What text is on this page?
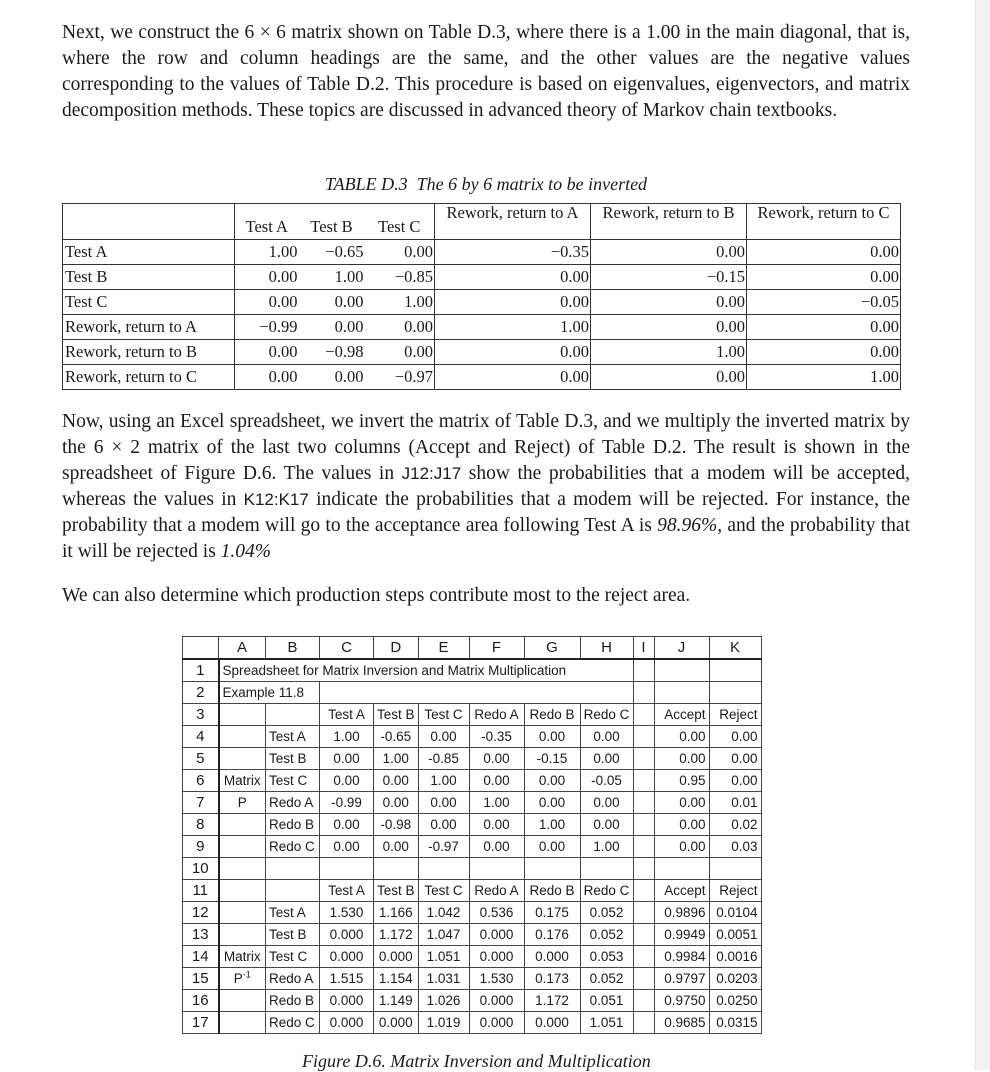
Next, we construct the 6 × 6 matrix shown on Table D.3, where there is a 1.00 in the main diagonal, that is, where the row and column headings are the same, and the other values are the negative values corresponding to the values of Table D.2. This procedure is based on eigenvalues, eigenvectors, and matrix decomposition methods. These topics are discussed in advanced theory of Markov chain textbooks.

TABLE D.3 The 6 by 6 matrix to be inverted
	Test A	Test B	Test C	Rework, return to A	Rework, return to B	Rework, return to C
Test A	1.00	−0.65	0.00	−0.35	0.00	0.00
Test B	0.00	1.00	−0.85	0.00	−0.15	0.00
Test C	0.00	0.00	1.00	0.00	0.00	−0.05
Rework, return to A	−0.99	0.00	0.00	1.00	0.00	0.00
Rework, return to B	0.00	−0.98	0.00	0.00	1.00	0.00
Rework, return to C	0.00	0.00	−0.97	0.00	0.00	1.00

Now, using an Excel spreadsheet, we invert the matrix of Table D.3, and we multiply the inverted matrix by the 6 × 2 matrix of the last two columns (Accept and Reject) of Table D.2. The result is shown in the spreadsheet of Figure D.6. The values in J12:J17 show the probabilities that a modem will be accepted, whereas the values in K12:K17 indicate the probabilities that a modem will be rejected. For instance, the probability that a modem will go to the acceptance area following Test A is 98.96%, and the probability that it will be rejected is 1.04%

We can also determine which production steps contribute most to the reject area.

	A	B	C	D	E	F	G	H	I	J	K
1	Spreadsheet for Matrix Inversion and Matrix Multiplication										
2	Example 11.8										
3			Test A	Test B	Test C	Redo A	Redo B	Redo C		Accept	Reject
4		Test A	1.00	-0.65	0.00	-0.35	0.00	0.00		0.00	0.00
5		Test B	0.00	1.00	-0.85	0.00	-0.15	0.00		0.00	0.00
6	Matrix	Test C	0.00	0.00	1.00	0.00	0.00	-0.05		0.95	0.00
7	P	Redo A	-0.99	0.00	0.00	1.00	0.00	0.00		0.00	0.01
8		Redo B	0.00	-0.98	0.00	0.00	1.00	0.00		0.00	0.02
9		Redo C	0.00	0.00	-0.97	0.00	0.00	1.00		0.00	0.03
10											
11			Test A	Test B	Test C	Redo A	Redo B	Redo C		Accept	Reject
12		Test A	1.530	1.166	1.042	0.536	0.175	0.052		0.9896	0.0104
13		Test B	0.000	1.172	1.047	0.000	0.176	0.052		0.9949	0.0051
14	Matrix	Test C	0.000	0.000	1.051	0.000	0.000	0.053		0.9984	0.0016
15	$P^{-1}$	Redo A	1.515	1.154	1.031	1.530	0.173	0.052		0.9797	0.0203
16		Redo B	0.000	1.149	1.026	0.000	1.172	0.051		0.9750	0.0250
17		Redo C	0.000	0.000	1.019	0.000	0.000	1.051		0.9685	0.0315
Figure D.6. Matrix Inversion and Multiplication
